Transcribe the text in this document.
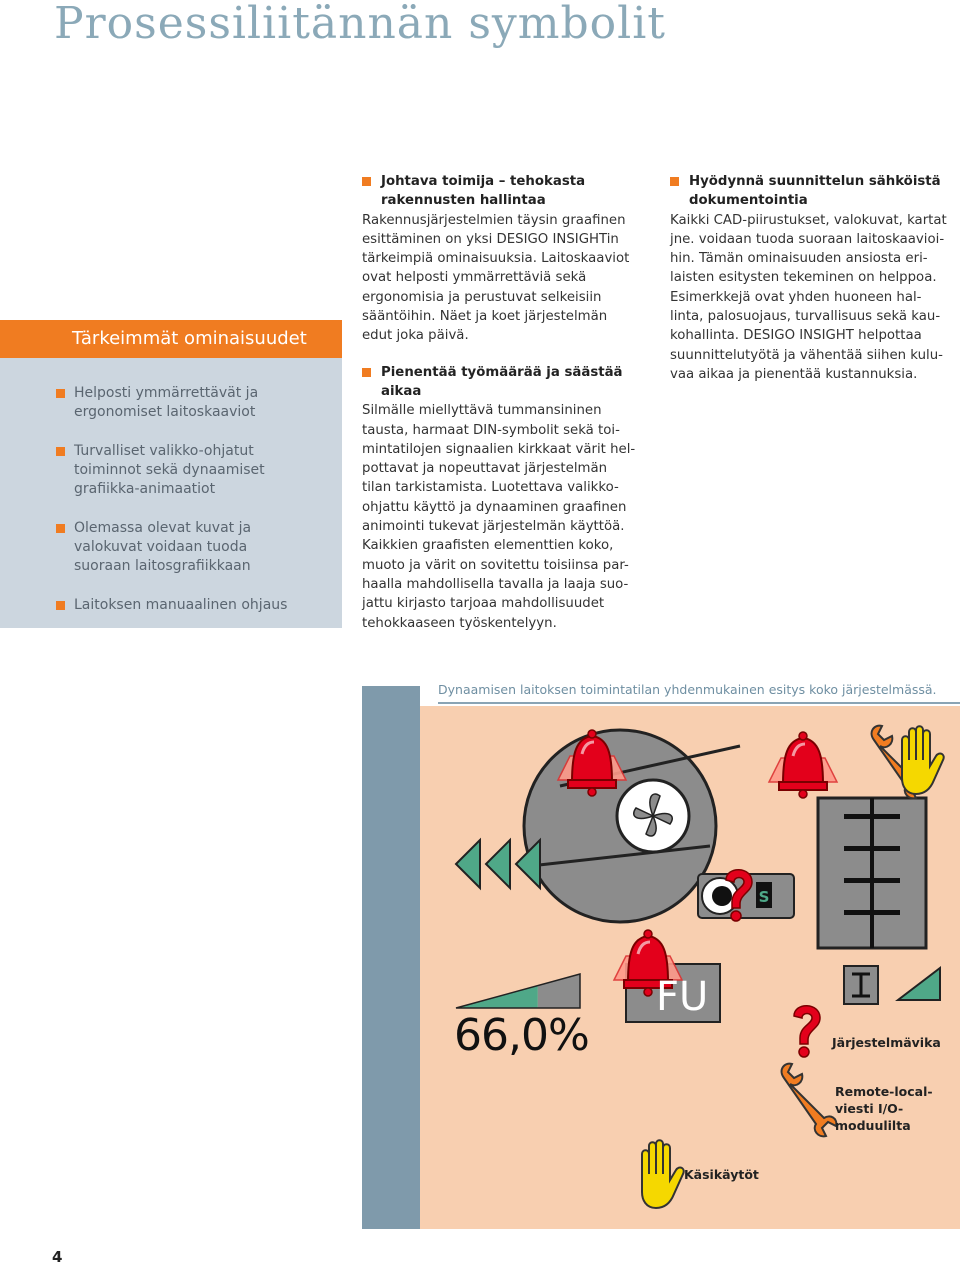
Prosessiliitännän symbolit
Tärkeimmät ominaisuudet
Helposti ymmärrettävät ja ergonomiset laitoskaaviot
Turvalliset valikko-ohjatut toiminnot sekä dynaamiset grafiikka-animaatiot
Olemassa olevat kuvat ja valokuvat voidaan tuoda suoraan laitosgrafiikkaan
Laitoksen manuaalinen ohjaus
Johtava toimija – tehokasta rakennusten hallintaa
Rakennusjärjestelmien täysin graafinen
esittäminen on yksi DESIGO INSIGHTin
tärkeimpiä ominaisuuksia. Laitoskaaviot
ovat helposti ymmärrettäviä sekä
ergonomisia ja perustuvat selkeisiin
sääntöihin. Näet ja koet järjestelmän
edut joka päivä.
Pienentää työmäärää ja säästää aikaa
Silmälle miellyttävä tummansininen
tausta, harmaat DIN-symbolit sekä toi-
mintatilojen signaalien kirkkaat värit hel-
pottavat ja nopeuttavat järjestelmän
tilan tarkistamista. Luotettava valikko-
ohjattu käyttö ja dynaaminen graafinen
animointi tukevat järjestelmän käyttöä.
Kaikkien graafisten elementtien koko,
muoto ja värit on sovitettu toisiinsa par-
haalla mahdollisella tavalla ja laaja suo-
jattu kirjasto tarjoaa mahdollisuudet
tehokkaaseen työskentelyyn.
Hyödynnä suunnittelun sähköistä dokumentointia
Kaikki CAD-piirustukset, valokuvat, kartat
jne. voidaan tuoda suoraan laitoskaavioi-
hin. Tämän ominaisuuden ansiosta eri-
laisten esitysten tekeminen on helppoa.
Esimerkkejä ovat yhden huoneen hal-
linta, palosuojaus, turvallisuus sekä kau-
kohallinta. DESIGO INSIGHT helpottaa
suunnittelutyötä ja vähentää siihen kulu-
vaa aikaa ja pienentää kustannuksia.
Dynaamisen laitoksen toimintatilan yhdenmukainen esitys koko järjestelmässä.
S
66,0%
FU
Järjestelmävika
Remote-local-
viesti I/O-
moduulilta
Käsikäytöt
4
